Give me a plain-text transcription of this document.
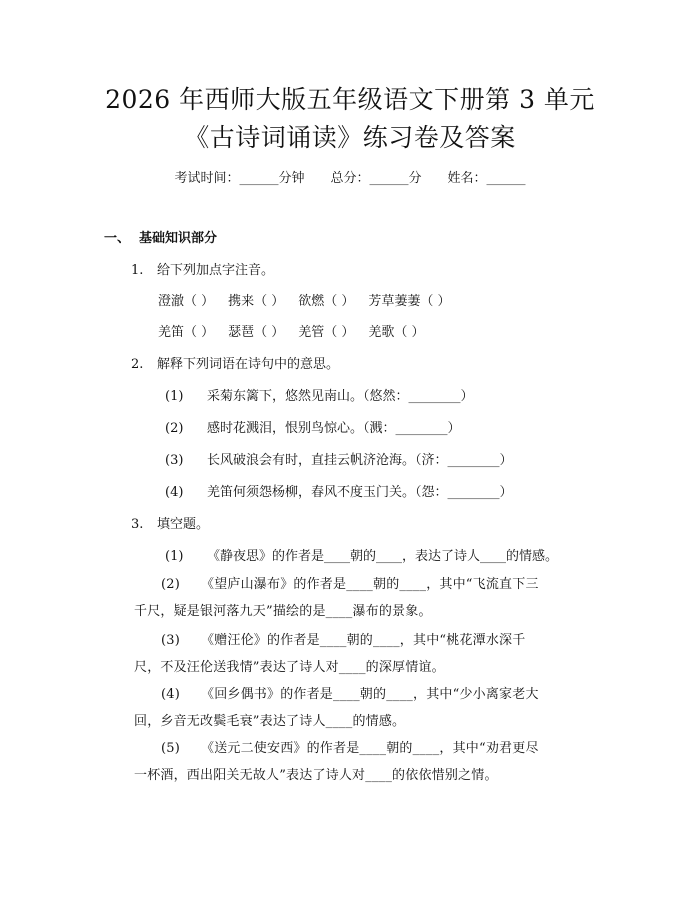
2026 年西师大版五年级语文下册第 3 单元
《古诗词诵读》练习卷及答案
考试时间：______分钟 总分：______分 姓名：______
一、 基础知识部分
1. 给下列加点字注音。
澄澈（ ） 携来（ ） 欲燃（ ） 芳草萋萋（ ）
羌笛（ ） 瑟琶（ ） 羌管（ ） 羌歌（ ）
2. 解释下列词语在诗句中的意思。
(1) 采菊东篱下，悠然见南山。（悠然：________）
(2) 感时花溅泪，恨别鸟惊心。（溅：________）
(3) 长风破浪会有时，直挂云帆济沧海。（济：________）
(4) 羌笛何须怨杨柳，春风不度玉门关。（怨：________）
3. 填空题。
(1) 《静夜思》的作者是____朝的____，表达了诗人____的情感。
(2) 《望庐山瀑布》的作者是____朝的____，其中“飞流直下三千尺，疑是银河落九天”描绘的是____瀑布的景象。
(3) 《赠汪伦》的作者是____朝的____，其中“桃花潭水深千尺，不及汪伦送我情”表达了诗人对____的深厚情谊。
(4) 《回乡偶书》的作者是____朝的____，其中“少小离家老大回，乡音无改鬓毛衰”表达了诗人____的情感。
(5) 《送元二使安西》的作者是____朝的____，其中“劝君更尽一杯酒，西出阳关无故人”表达了诗人对____的依依惜别之情。
